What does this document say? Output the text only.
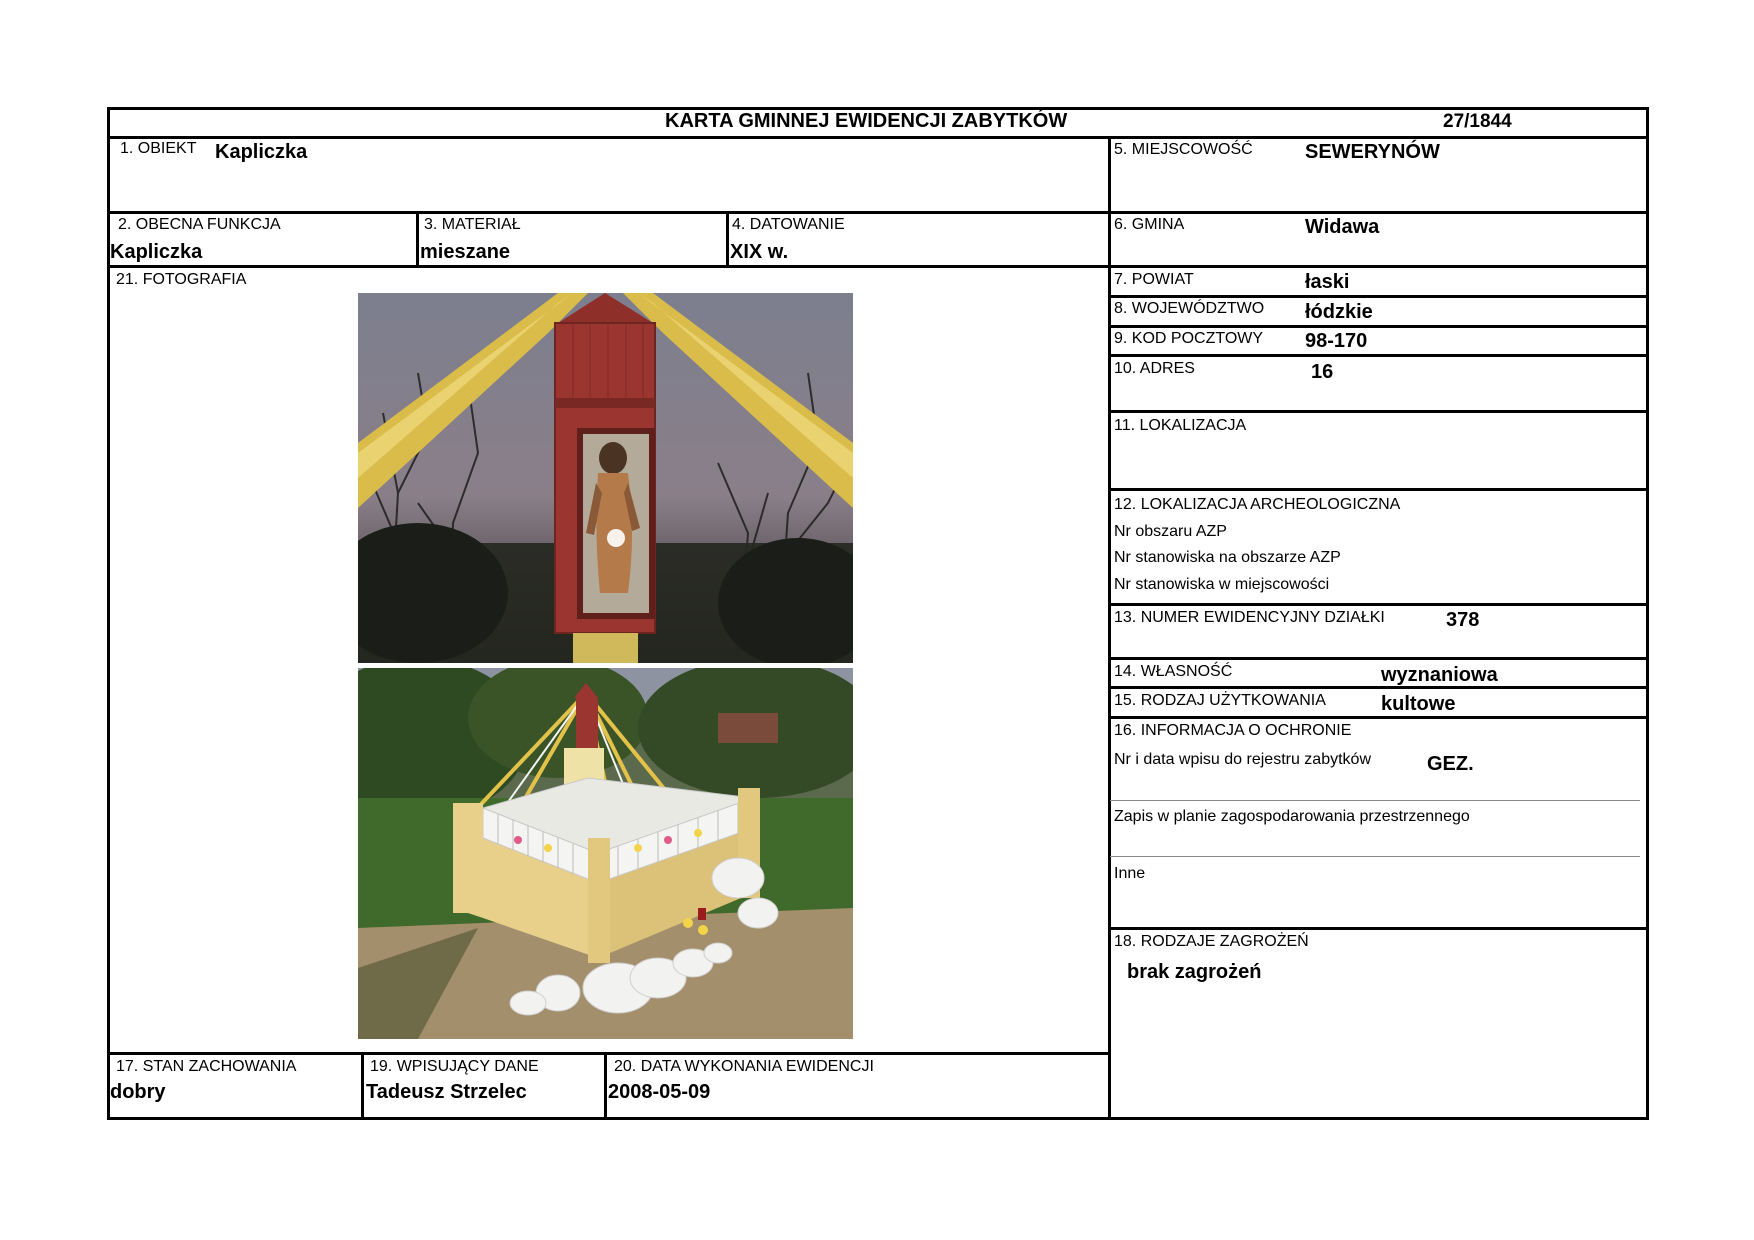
KARTA GMINNEJ EWIDENCJI ZABYTKÓW	27/1844
1. OBIEKT Kapliczka
2. OBECNA FUNKCJA
Kapliczka
3. MATERIAŁ
mieszane
4. DATOWANIE
XIX w.
21. FOTOGRAFIA
17. STAN ZACHOWANIA
dobry
19. WPISUJĄCY DANE
Tadeusz Strzelec
20. DATA WYKONANIA EWIDENCJI
2008-05-09
5. MIEJSCOWOŚĆ	SEWERYNÓW
6. GMINA	Widawa
7. POWIAT	łaski
8. WOJEWÓDZTWO łódzkie
9. KOD POCZTOWY 98-170
10. ADRES	16
11. LOKALIZACJA
12. LOKALIZACJA ARCHEOLOGICZNA
Nr obszaru AZP
Nr stanowiska na obszarze AZP
Nr stanowiska w miejscowości
13. NUMER EWIDENCYJNY DZIAŁKI	378
14. WŁASNOŚĆ	wyznaniowa
15. RODZAJ UŻYTKOWANIA	kultowe
16. INFORMACJA O OCHRONIE
Nr i data wpisu do rejestru zabytków	GEZ.
Zapis w planie zagospodarowania przestrzennego
Inne
18. RODZAJE ZAGROŻEŃ
brak zagrożeń
